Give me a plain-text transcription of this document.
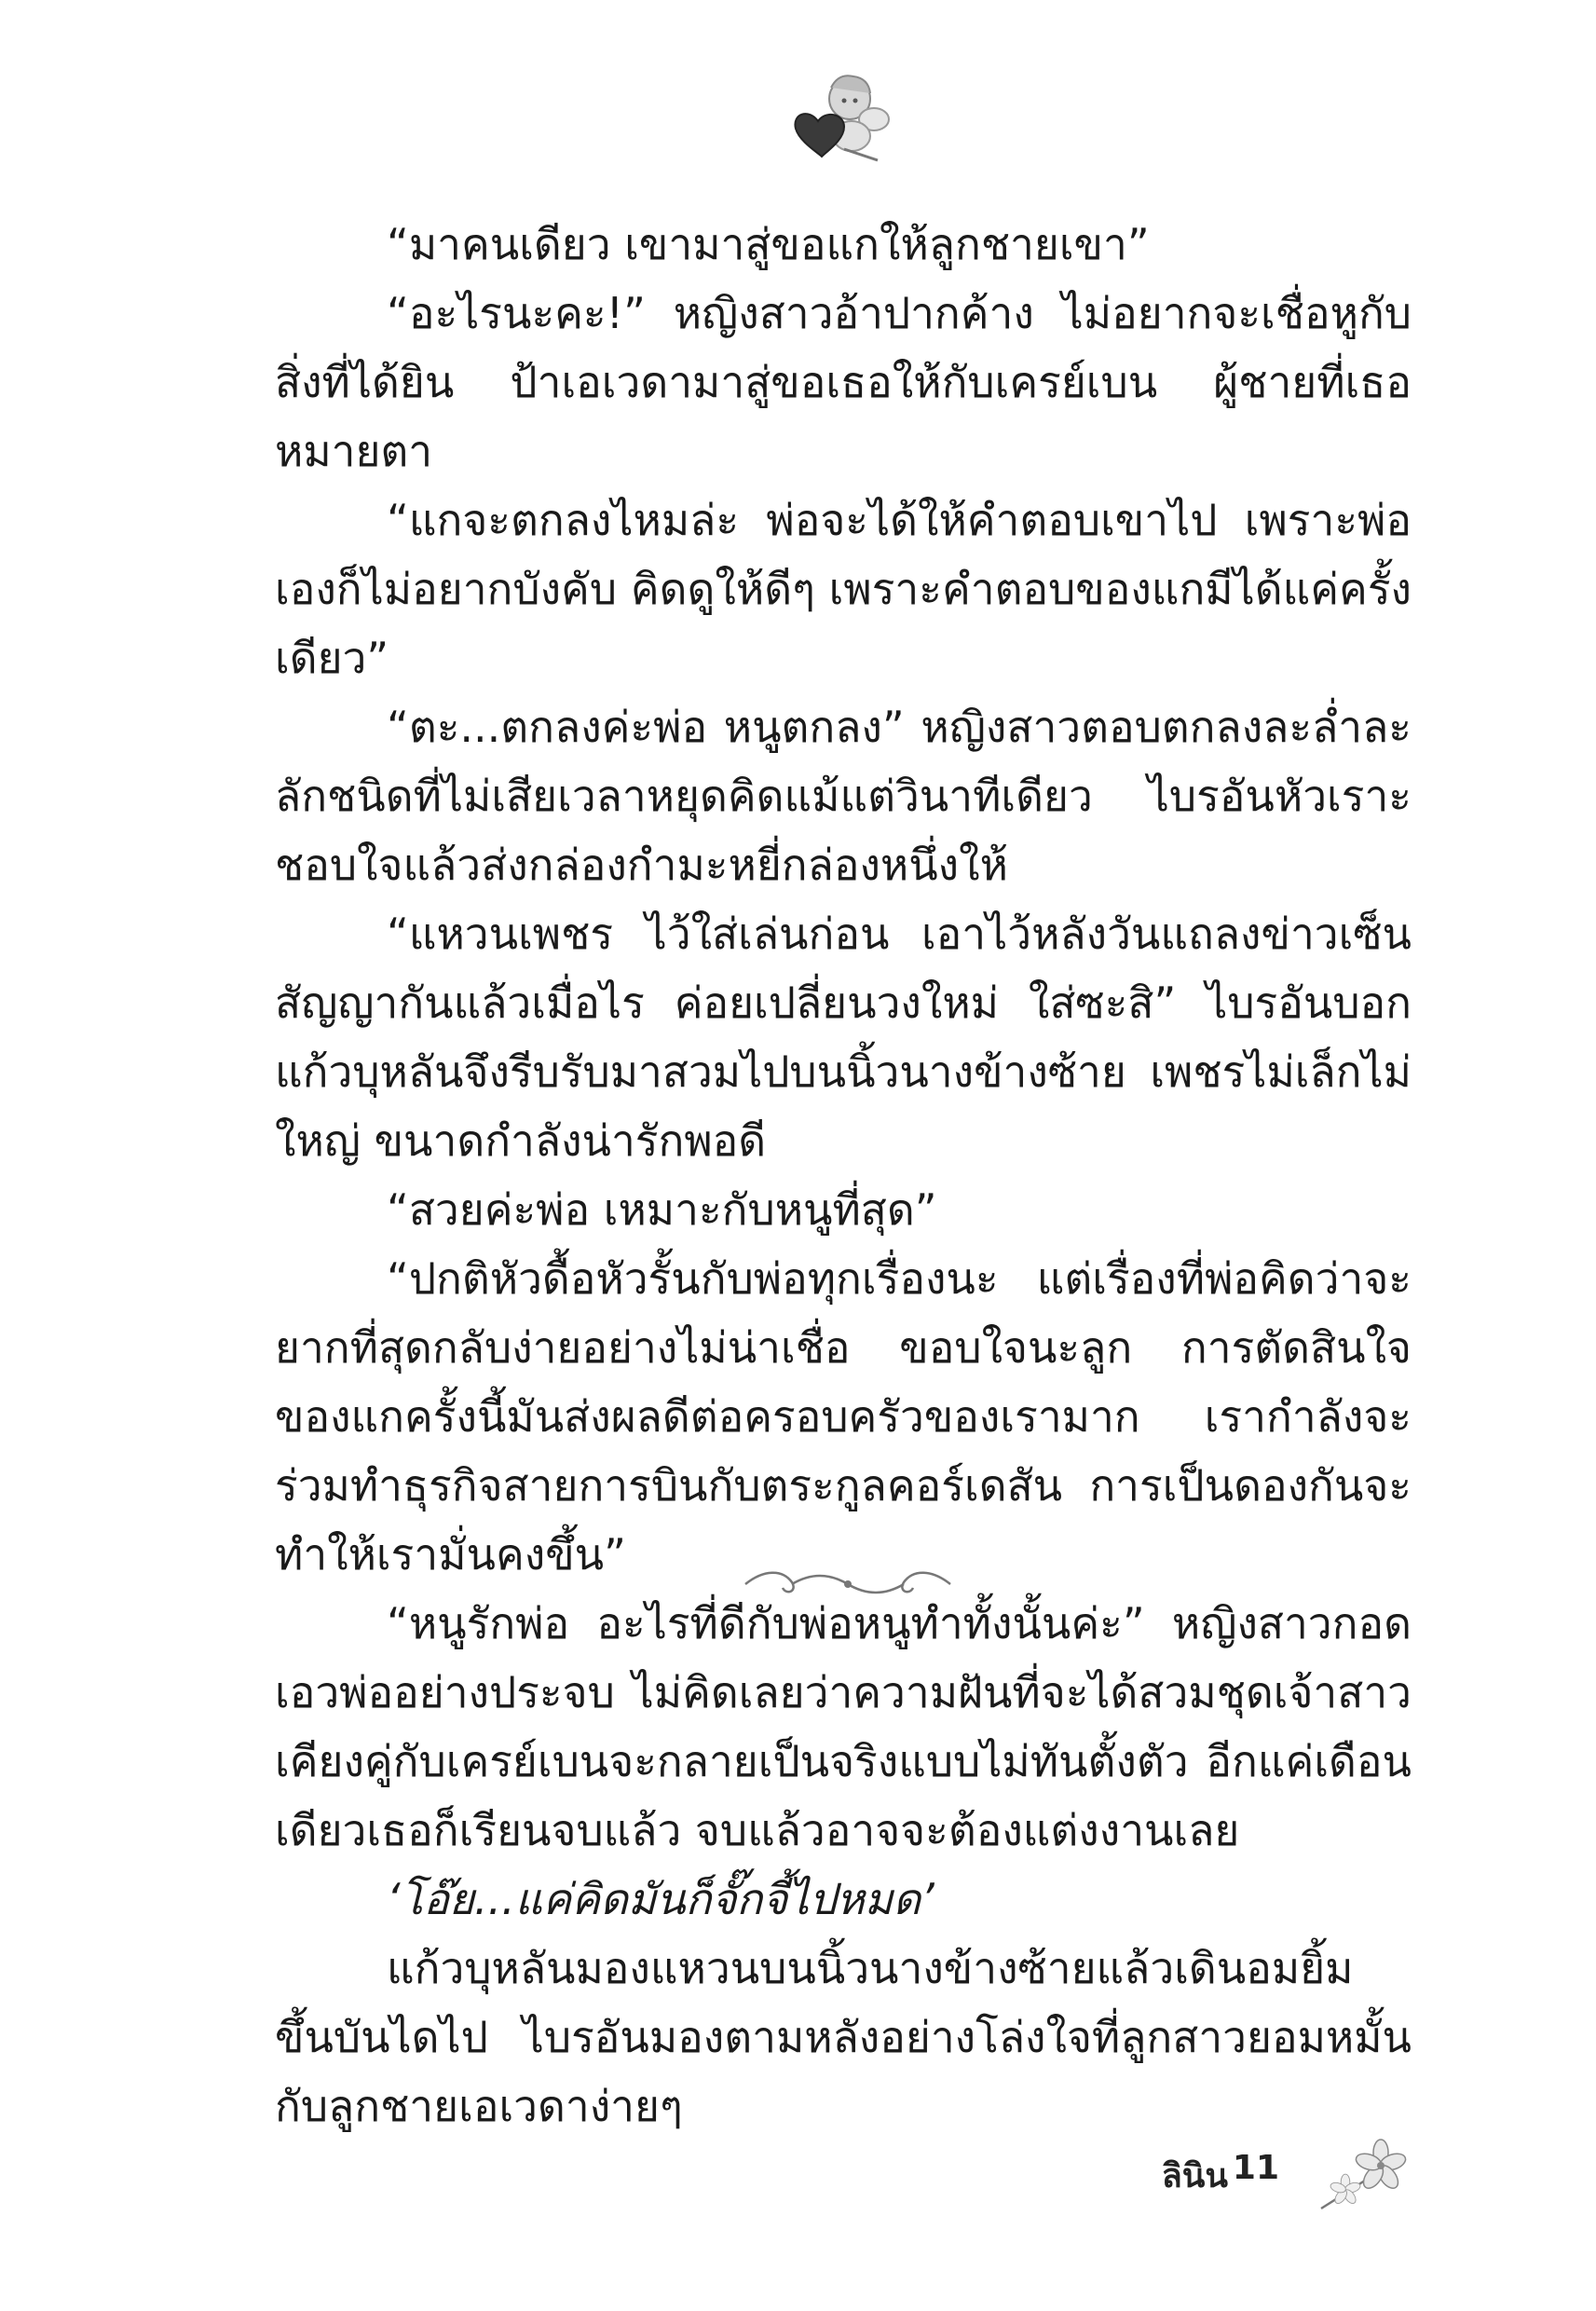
“มาคนเดียว เขามาสู่ขอแกให้ลูกชายเขา”

“อะไรนะคะ!” หญิงสาวอ้าปากค้าง ไม่อยากจะเชื่อหูกับสิ่งที่ได้ยิน ป้าเอเวดามาสู่ขอเธอให้กับเครย์เบน ผู้ชายที่เธอหมายตา

“แกจะตกลงไหมล่ะ พ่อจะได้ให้คำตอบเขาไป เพราะพ่อเองก็ไม่อยากบังคับ คิดดูให้ดีๆ เพราะคำตอบของแกมีได้แค่ครั้งเดียว”

“ตะ...ตกลงค่ะพ่อ หนูตกลง” หญิงสาวตอบตกลงละล่ำละลักชนิดที่ไม่เสียเวลาหยุดคิดแม้แต่วินาทีเดียว ไบรอันหัวเราะชอบใจแล้วส่งกล่องกำมะหยี่กล่องหนึ่งให้

“แหวนเพชร ไว้ใส่เล่นก่อน เอาไว้หลังวันแถลงข่าวเซ็นสัญญากันแล้วเมื่อไร ค่อยเปลี่ยนวงใหม่ ใส่ซะสิ” ไบรอันบอก แก้วบุหลันจึงรีบรับมาสวมไปบนนิ้วนางข้างซ้าย เพชรไม่เล็กไม่ใหญ่ ขนาดกำลังน่ารักพอดี

“สวยค่ะพ่อ เหมาะกับหนูที่สุด”

“ปกติหัวดื้อหัวรั้นกับพ่อทุกเรื่องนะ แต่เรื่องที่พ่อคิดว่าจะยากที่สุดกลับง่ายอย่างไม่น่าเชื่อ ขอบใจนะลูก การตัดสินใจของแกครั้งนี้มันส่งผลดีต่อครอบครัวของเรามาก เรากำลังจะร่วมทำธุรกิจสายการบินกับตระกูลคอร์เดสัน การเป็นดองกันจะทำให้เรามั่นคงขึ้น”

“หนูรักพ่อ อะไรที่ดีกับพ่อหนูทำทั้งนั้นค่ะ” หญิงสาวกอดเอวพ่ออย่างประจบ ไม่คิดเลยว่าความฝันที่จะได้สวมชุดเจ้าสาวเคียงคู่กับเครย์เบนจะกลายเป็นจริงแบบไม่ทันตั้งตัว อีกแค่เดือนเดียวเธอก็เรียนจบแล้ว จบแล้วอาจจะต้องแต่งงานเลย

‘โอ๊ย...แค่คิดมันก็จั๊กจี้ไปหมด’

แก้วบุหลันมองแหวนบนนิ้วนางข้างซ้ายแล้วเดินอมยิ้มขึ้นบันไดไป ไบรอันมองตามหลังอย่างโล่งใจที่ลูกสาวยอมหมั้นกับลูกชายเอเวดาง่ายๆ

ลินิน 11
